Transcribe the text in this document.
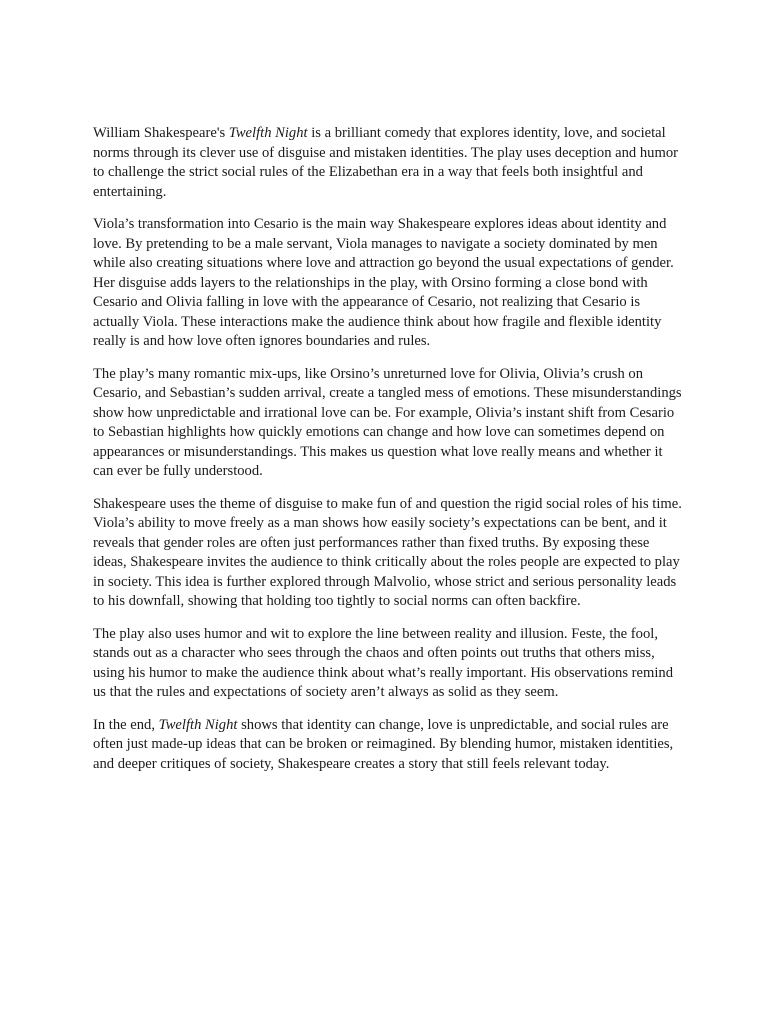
William Shakespeare's Twelfth Night is a brilliant comedy that explores identity, love, and societal norms through its clever use of disguise and mistaken identities. The play uses deception and humor to challenge the strict social rules of the Elizabethan era in a way that feels both insightful and entertaining.

Viola’s transformation into Cesario is the main way Shakespeare explores ideas about identity and love. By pretending to be a male servant, Viola manages to navigate a society dominated by men while also creating situations where love and attraction go beyond the usual expectations of gender. Her disguise adds layers to the relationships in the play, with Orsino forming a close bond with Cesario and Olivia falling in love with the appearance of Cesario, not realizing that Cesario is actually Viola. These interactions make the audience think about how fragile and flexible identity really is and how love often ignores boundaries and rules.

The play’s many romantic mix-ups, like Orsino’s unreturned love for Olivia, Olivia’s crush on Cesario, and Sebastian’s sudden arrival, create a tangled mess of emotions. These misunderstandings show how unpredictable and irrational love can be. For example, Olivia’s instant shift from Cesario to Sebastian highlights how quickly emotions can change and how love can sometimes depend on appearances or misunderstandings. This makes us question what love really means and whether it can ever be fully understood.

Shakespeare uses the theme of disguise to make fun of and question the rigid social roles of his time. Viola’s ability to move freely as a man shows how easily society’s expectations can be bent, and it reveals that gender roles are often just performances rather than fixed truths. By exposing these ideas, Shakespeare invites the audience to think critically about the roles people are expected to play in society. This idea is further explored through Malvolio, whose strict and serious personality leads to his downfall, showing that holding too tightly to social norms can often backfire.

The play also uses humor and wit to explore the line between reality and illusion. Feste, the fool, stands out as a character who sees through the chaos and often points out truths that others miss, using his humor to make the audience think about what’s really important. His observations remind us that the rules and expectations of society aren’t always as solid as they seem.

In the end, Twelfth Night shows that identity can change, love is unpredictable, and social rules are often just made-up ideas that can be broken or reimagined. By blending humor, mistaken identities, and deeper critiques of society, Shakespeare creates a story that still feels relevant today.
